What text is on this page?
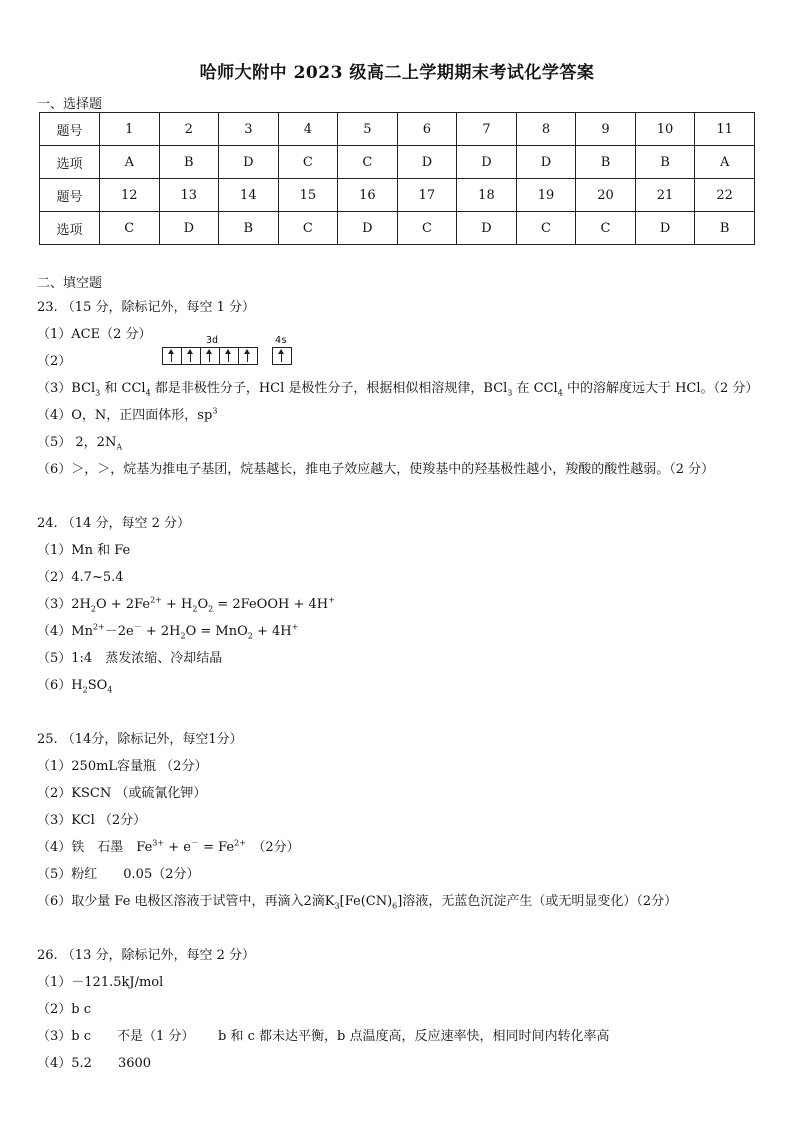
哈师大附中 2023 级高二上学期期末考试化学答案
一、选择题
题号	1	2	3	4	5	6	7	8	9	10	11
选项	A	B	D	C	C	D	D	D	B	B	A
题号	12	13	14	15	16	17	18	19	20	21	22
选项	C	D	B	C	D	C	D	C	C	D	B
二、填空题
23. （15 分，除标记外，每空 1 分）
（1）ACE（2 分）
（2）
3d	4s
（3）BCl$_3$ 和 CCl$_4$ 都是非极性分子，HCl 是极性分子，根据相似相溶规律，BCl$_3$ 在 CCl$_4$ 中的溶解度远大于 HCl。（2 分）
（4）O，N，正四面体形，$sp^3$
（5） 2，$2N_A$
（6）＞，＞，烷基为推电子基团，烷基越长，推电子效应越大，使羧基中的羟基极性越小，羧酸的酸性越弱。（2 分）
24. （14 分，每空 2 分）
（1）Mn 和 Fe
（2）4.7~5.4
$(3)2H_2O + 2Fe^{2+} + H_2O_2$ = 2FeOOH + 4H+
$(4)Mn^{2+}-2e^- + 2H_2O = MnO_2 + 4H^+$
（5）1:4　蒸发浓缩、冷却结晶
$(6)H_2SO_4$
25. （14分，除标记外，每空1分）
（1）250mL容量瓶 （2分）
（2）KSCN （或硫氰化钾）
（3）KCl （2分）
（4）铁　石墨　$Fe^{3+} + e^- = Fe^{2+}$　（2分）
（5）粉红　　0.05（2分）
（6）取少量 Fe 电极区溶液于试管中，再滴入2滴$K_3[Fe(CN)_6]$溶液，无蓝色沉淀产生（或无明显变化）（2分）
26. （13 分，除标记外，每空 2 分）
（1）－121.5kJ/mol
（2）b c
（3）b c　　不是（1 分）　　 b 和 c 都未达平衡，b 点温度高，反应速率快，相同时间内转化率高
（4）5.2　　3600
